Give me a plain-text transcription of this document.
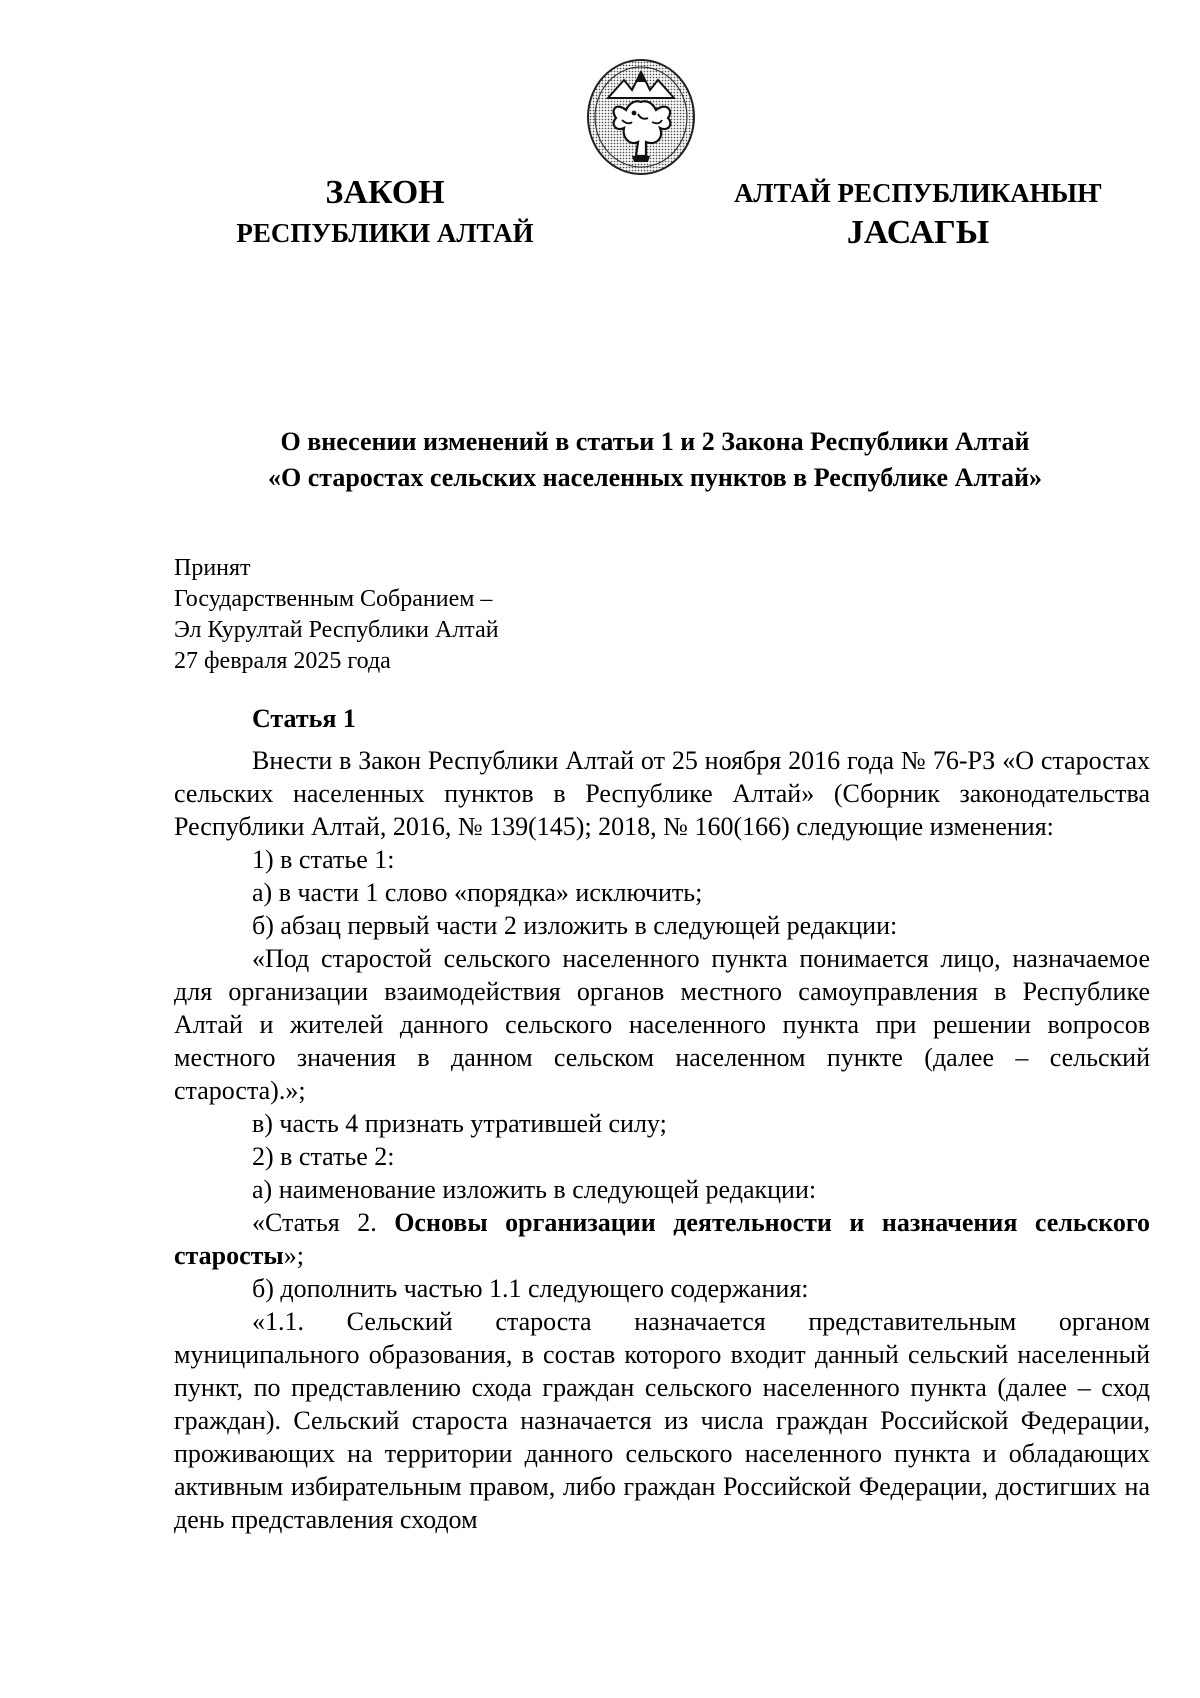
ЗАКОН
РЕСПУБЛИКИ АЛТАЙ
АЛТАЙ РЕСПУБЛИКАНЫҤ
ЈАСАГЫ
О внесении изменений в статьи 1 и 2 Закона Республики Алтай
«О старостах сельских населенных пунктов в Республике Алтай»
Принят
Государственным Собранием –
Эл Курултай Республики Алтай
27 февраля 2025 года
Статья 1

Внести в Закон Республики Алтай от 25 ноября 2016 года № 76-РЗ «О старостах сельских населенных пунктов в Республике Алтай» (Сборник законодательства Республики Алтай, 2016, № 139(145); 2018, № 160(166) следующие изменения:

1) в статье 1:

а) в части 1 слово «порядка» исключить;

б) абзац первый части 2 изложить в следующей редакции:

«Под старостой сельского населенного пункта понимается лицо, назначаемое для организации взаимодействия органов местного самоуправления в Республике Алтай и жителей данного сельского населенного пункта при решении вопросов местного значения в данном сельском населенном пункте (далее – сельский староста).»;

в) часть 4 признать утратившей силу;

2) в статье 2:

а) наименование изложить в следующей редакции:

«Статья 2. Основы организации деятельности и назначения сельского старосты»;

б) дополнить частью 1.1 следующего содержания:

«1.1. Сельский староста назначается представительным органом муниципального образования, в состав которого входит данный сельский населенный пункт, по представлению схода граждан сельского населенного пункта (далее – сход граждан). Сельский староста назначается из числа граждан Российской Федерации, проживающих на территории данного сельского населенного пункта и обладающих активным избирательным правом, либо граждан Российской Федерации, достигших на день представления сходом
